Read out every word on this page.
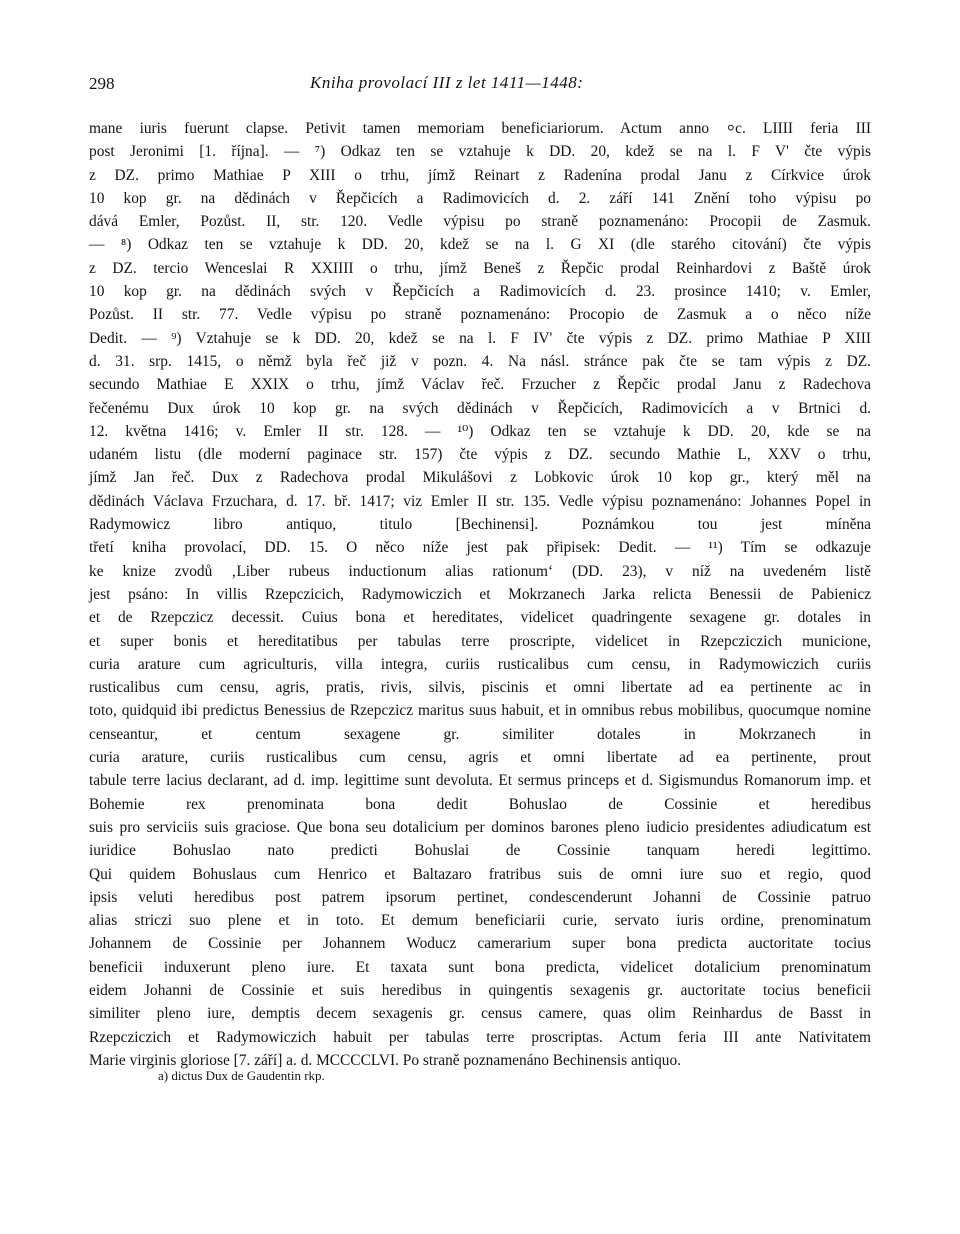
298	Kniha provolací III z let 1411—1448:
mane iuris fuerunt clapse. Petivit tamen memoriam beneficiariorum. Actum anno ⸰c. LIIII feria III
post Jeronimi [1. října]. — ⁷) Odkaz ten se vztahuje k DD. 20, kdež se na l. F V' čte výpis
z DZ. primo Mathiae P XIII o trhu, jímž Reinart z Radenína prodal Janu z Církvice úrok
10 kop gr. na dědinách v Řepčicích a Radimovicích d. 2. září 141 Znění toho výpisu po
dává Emler, Pozůst. II, str. 120. Vedle výpisu po straně poznamenáno: Procopii de Zasmuk.
— ⁸) Odkaz ten se vztahuje k DD. 20, kdež se na l. G XI (dle starého citování) čte výpis
z DZ. tercio Wenceslai R XXIIII o trhu, jímž Beneš z Řepčic prodal Reinhardovi z Baště úrok
10 kop gr. na dědinách svých v Řepčicích a Radimovicích d. 23. prosince 1410; v. Emler,
Pozůst. II str. 77. Vedle výpisu po straně poznamenáno: Procopio de Zasmuk a o něco níže
Dedit. — ⁹) Vztahuje se k DD. 20, kdež se na l. F IV' čte výpis z DZ. primo Mathiae P XIII
d. 31. srp. 1415, o němž byla řeč již v pozn. 4. Na násl. stránce pak čte se tam výpis z DZ.
secundo Mathiae E XXIX o trhu, jímž Václav řeč. Frzucher z Řepčic prodal Janu z Radechova
řečenému Dux úrok 10 kop gr. na svých dědinách v Řepčicích, Radimovicích a v Brtnici d.
12. května 1416; v. Emler II str. 128. — ¹⁰) Odkaz ten se vztahuje k DD. 20, kde se na
udaném listu (dle moderní paginace str. 157) čte výpis z DZ. secundo Mathie L, XXV o trhu,
jímž Jan řeč. Dux z Radechova prodal Mikulášovi z Lobkovic úrok 10 kop gr., který měl na
dědinách Václava Frzuchara, d. 17. bř. 1417; viz Emler II str. 135. Vedle výpisu poznamenáno: Johannes Popel in Radymowicz libro antiquo, titulo [Bechinensi]. Poznámkou tou jest míněna
třetí kniha provolací, DD. 15. O něco níže jest pak připisek: Dedit. — ¹¹) Tím se odkazuje
ke knize zvodů ‚Liber rubeus inductionum alias rationum‘ (DD. 23), v níž na uvedeném listě
jest psáno: In villis Rzepczicich, Radymowiczich et Mokrzanech Jarka relicta Benessii de Pabienicz
et de Rzepczicz decessit. Cuius bona et hereditates, videlicet quadringente sexagene gr. dotales in
et super bonis et hereditatibus per tabulas terre proscripte, videlicet in Rzepcziczich municione,
curia arature cum agriculturis, villa integra, curiis rusticalibus cum censu, in Radymowiczich curiis
rusticalibus cum censu, agris, pratis, rivis, silvis, piscinis et omni libertate ad ea pertinente ac in
toto, quidquid ibi predictus Benessius de Rzepczicz maritus suus habuit, et in omnibus rebus mobilibus, quocumque nomine censeantur, et centum sexagene gr. similiter dotales in Mokrzanech in
curia arature, curiis rusticalibus cum censu, agris et omni libertate ad ea pertinente, prout
tabule terre lacius declarant, ad d. imp. legittime sunt devoluta. Et sermus princeps et d. Sigismundus Romanorum imp. et Bohemie rex prenominata bona dedit Bohuslao de Cossinie et heredibus
suis pro serviciis suis graciose. Que bona seu dotalicium per dominos barones pleno iudicio presidentes adiudicatum est iuridice Bohuslao nato predicti Bohuslai de Cossinie tanquam heredi legittimo.
Qui quidem Bohuslaus cum Henrico et Baltazaro fratribus suis de omni iure suo et regio, quod
ipsis veluti heredibus post patrem ipsorum pertinet, condescenderunt Johanni de Cossinie patruo
alias striczi suo plene et in toto. Et demum beneficiarii curie, servato iuris ordine, prenominatum
Johannem de Cossinie per Johannem Woducz camerarium super bona predicta auctoritate tocius
beneficii induxerunt pleno iure. Et taxata sunt bona predicta, videlicet dotalicium prenominatum
eidem Johanni de Cossinie et suis heredibus in quingentis sexagenis gr. auctoritate tocius beneficii
similiter pleno iure, demptis decem sexagenis gr. census camere, quas olim Reinhardus de Basst in
Rzepcziczich et Radymowiczich habuit per tabulas terre proscriptas. Actum feria III ante Nativitatem
Marie virginis gloriose [7. září] a. d. MCCCCLVI. Po straně poznamenáno Bechinensis antiquo.
a) dictus Dux de Gaudentin rkp.
